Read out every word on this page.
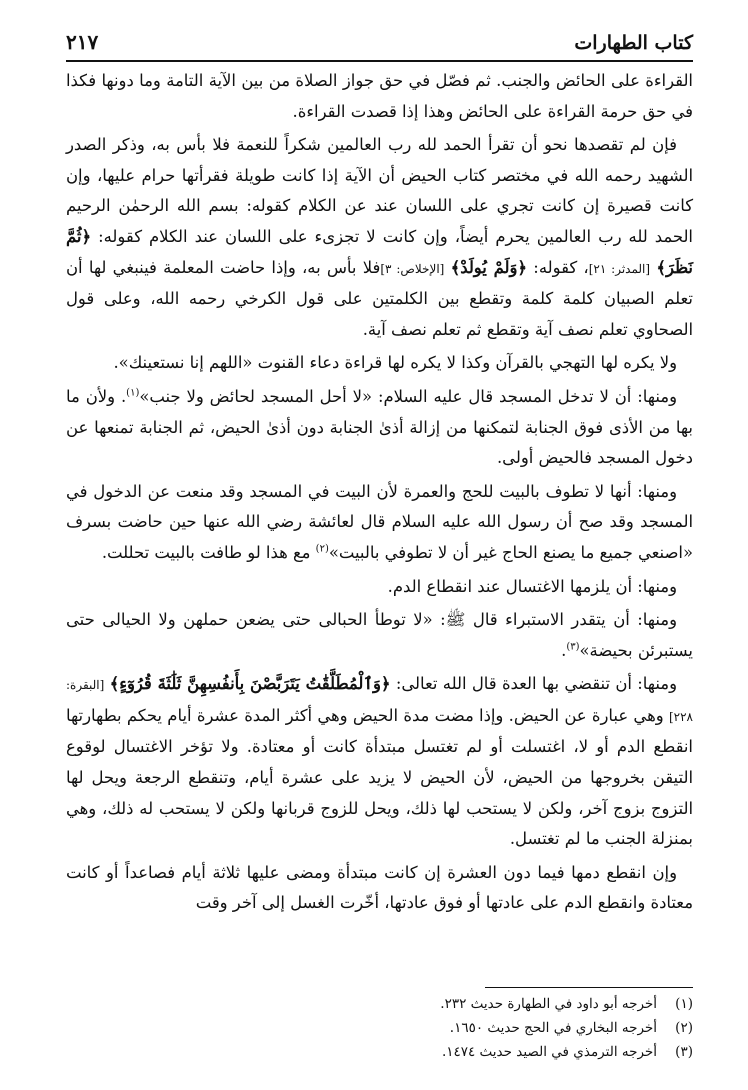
كتاب الطهارات
٢١٧

القراءة على الحائض والجنب. ثم فصّل في حق جواز الصلاة من بين الآية التامة وما دونها فكذا في حق حرمة القراءة على الحائض وهذا إذا قصدت القراءة.

فإن لم تقصدها نحو أن تقرأ الحمد لله رب العالمين شكراً للنعمة فلا بأس به، وذكر الصدر الشهيد رحمه الله في مختصر كتاب الحيض أن الآية إذا كانت طويلة فقرأتها حرام عليها، وإن كانت قصيرة إن كانت تجري على اللسان عند عن الكلام كقوله: بسم الله الرحمٰن الرحيم الحمد لله رب العالمين يحرم أيضاً، وإن كانت لا تجزىء على اللسان عند الكلام كقوله: ﴿ثُمَّ نَظَرَ﴾ [المدثر: ٢١]، كقوله: ﴿وَلَمْ يُولَدْ﴾ [الإخلاص: ٣]فلا بأس به، وإذا حاضت المعلمة فينبغي لها أن تعلم الصبيان كلمة كلمة وتقطع بين الكلمتين على قول الكرخي رحمه الله، وعلى قول الصحاوي تعلم نصف آية وتقطع ثم تعلم نصف آية.

ولا يكره لها التهجي بالقرآن وكذا لا يكره لها قراءة دعاء القنوت «اللهم إنا نستعينك».

ومنها: أن لا تدخل المسجد قال عليه السلام: «لا أحل المسجد لحائض ولا جنب»$^{(١)}$. ولأن ما بها من الأذى فوق الجنابة لتمكنها من إزالة أذىٰ الجنابة دون أذىٰ الحيض، ثم الجنابة تمنعها عن دخول المسجد فالحيض أولى.

ومنها: أنها لا تطوف بالبيت للحج والعمرة لأن البيت في المسجد وقد منعت عن الدخول في المسجد وقد صح أن رسول الله عليه السلام قال لعائشة رضي الله عنها حين حاضت بسرف «اصنعي جميع ما يصنع الحاج غير أن لا تطوفي بالبيت»$^{(٢)}$ مع هذا لو طافت بالبيت تحللت.

ومنها: أن يلزمها الاغتسال عند انقطاع الدم.

ومنها: أن يتقدر الاستبراء قال ﷺ: «لا توطأ الحبالى حتى يضعن حملهن ولا الحيالى حتى يستبرئن بحيضة»$^{(٣)}$.

ومنها: أن تنقضي بها العدة قال الله تعالى: ﴿وَٱلْمُطَلَّقَٰتُ يَتَرَبَّصْنَ بِأَنفُسِهِنَّ ثَلَٰثَةَ قُرُوٓءٍ﴾ [البقرة: ٢٢٨] وهي عبارة عن الحيض. وإذا مضت مدة الحيض وهي أكثر المدة عشرة أيام يحكم بطهارتها انقطع الدم أو لا، اغتسلت أو لم تغتسل مبتدأة كانت أو معتادة. ولا تؤخر الاغتسال لوقوع التيقن بخروجها من الحيض، لأن الحيض لا يزيد على عشرة أيام، وتنقطع الرجعة ويحل لها التزوج بزوج آخر، ولكن لا يستحب لها ذلك، ويحل للزوج قربانها ولكن لا يستحب له ذلك، وهي بمنزلة الجنب ما لم تغتسل.

وإن انقطع دمها فيما دون العشرة إن كانت مبتدأة ومضى عليها ثلاثة أيام فصاعداً أو كانت معتادة وانقطع الدم على عادتها أو فوق عادتها، أخّرت الغسل إلى آخر وقت

(١)
أخرجه أبو داود في الطهارة حديث ٢٣٢.
(٢)
أخرجه البخاري في الحج حديث ١٦٥٠.
(٣)
أخرجه الترمذي في الصيد حديث ١٤٧٤.
